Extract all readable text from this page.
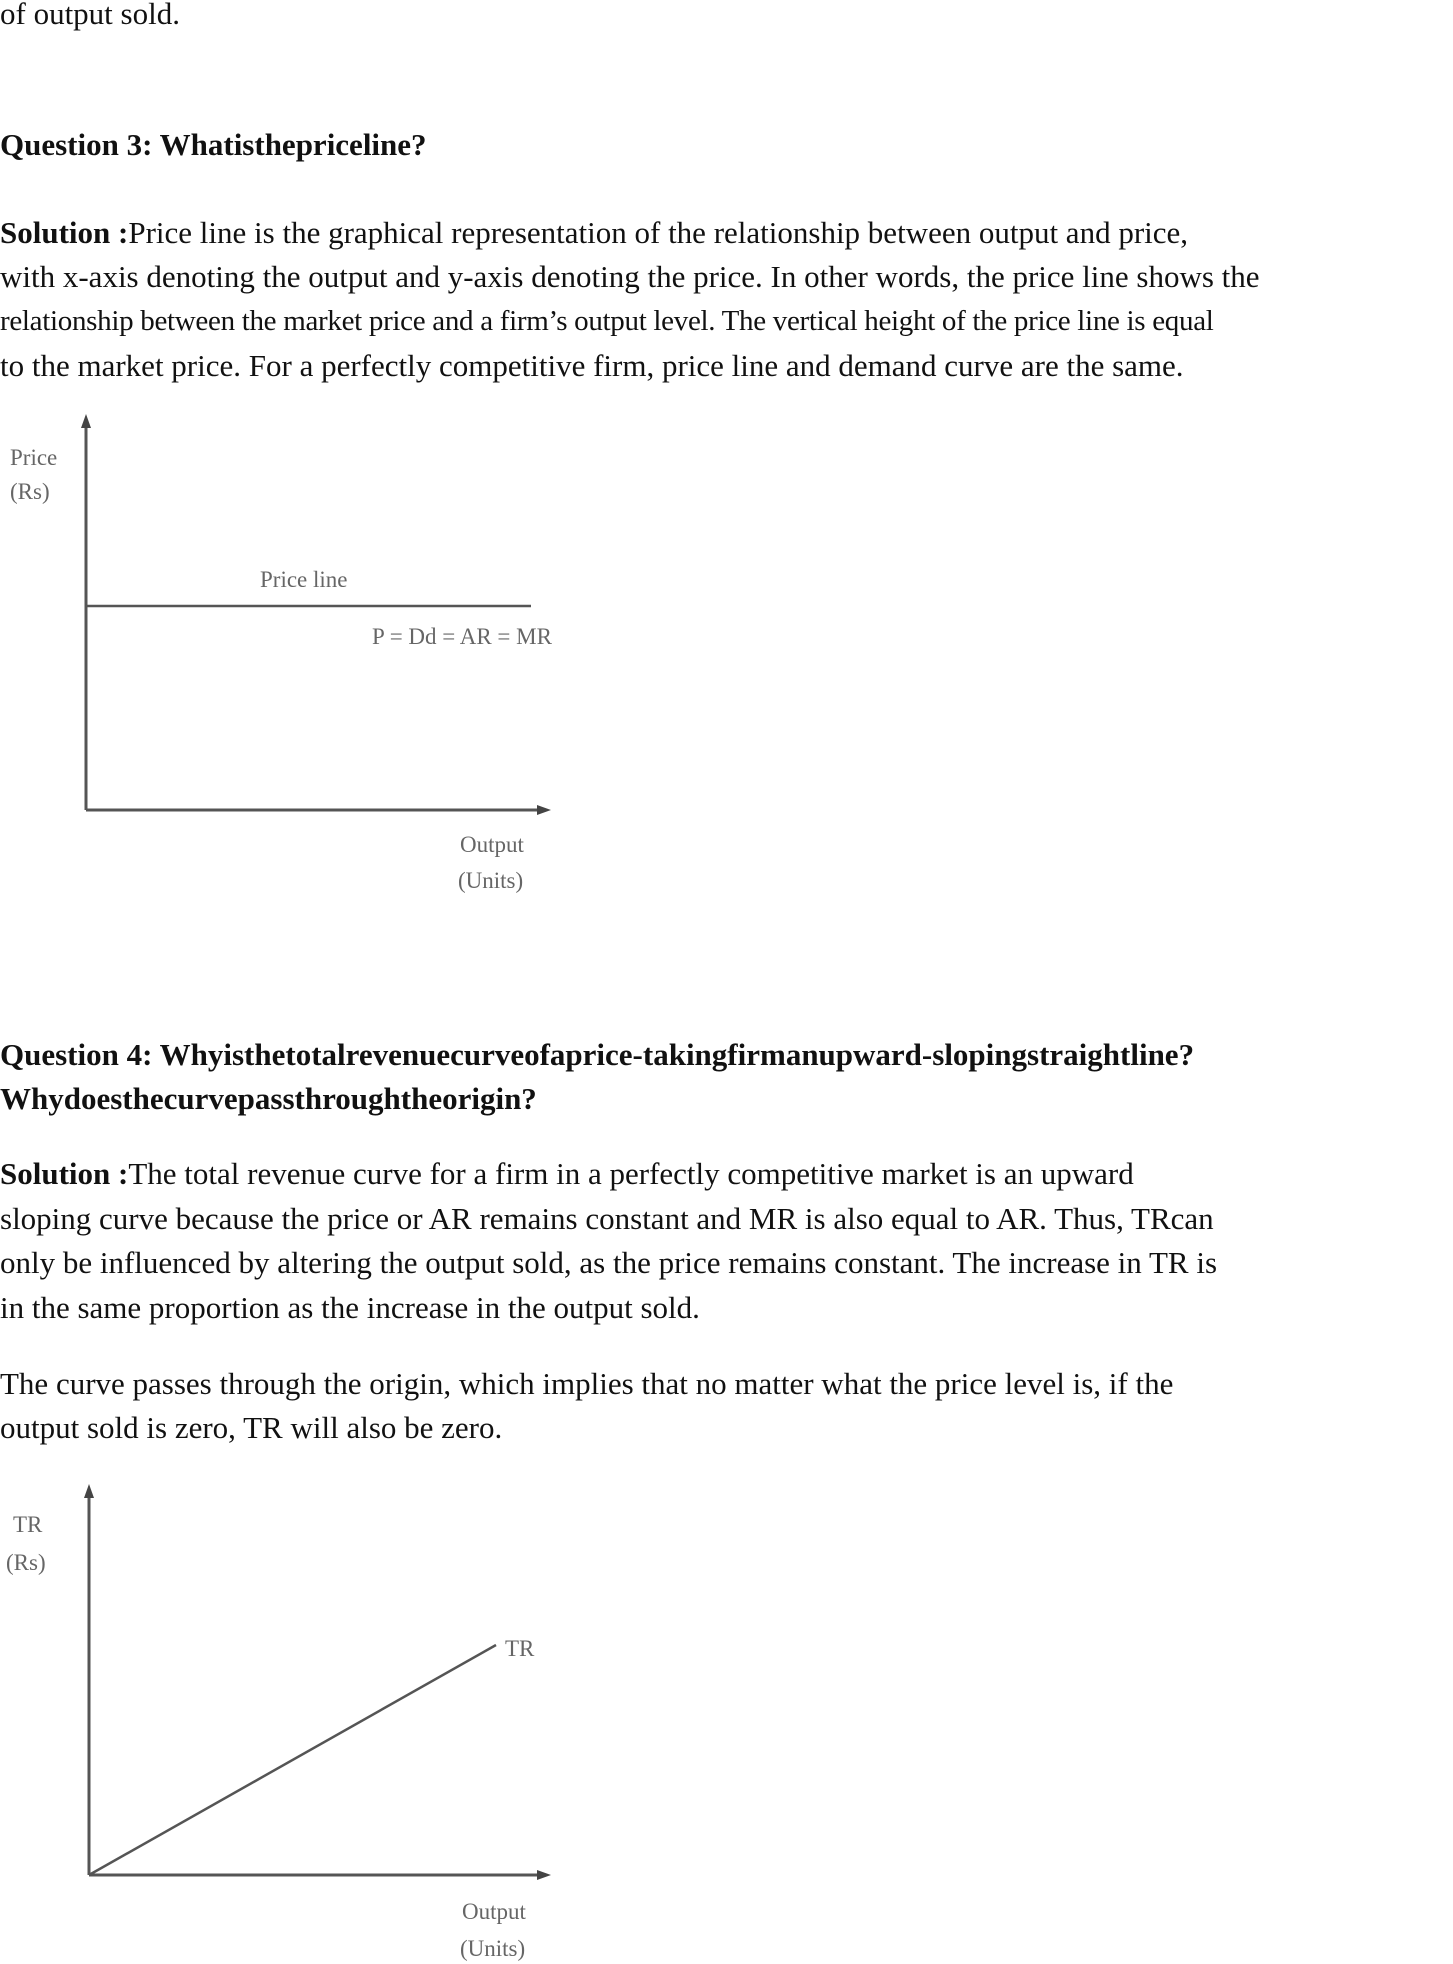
of output sold.
Question 3: Whatisthepriceline?
Solution :Price line is the graphical representation of the relationship between output and price,
with x-axis denoting the output and y-axis denoting the price. In other words, the price line shows the
relationship between the market price and a firm’s output level. The vertical height of the price line is equal
to the market price. For a perfectly competitive firm, price line and demand curve are the same.
Price
(Rs)
Price line
P = Dd = AR = MR
Output
(Units)
Question 4: Whyisthetotalrevenuecurveofaprice-takingfirmanupward-slopingstraightline?
Whydoesthecurvepassthroughtheorigin?
Solution :The total revenue curve for a firm in a perfectly competitive market is an upward
sloping curve because the price or AR remains constant and MR is also equal to AR. Thus, TRcan
only be influenced by altering the output sold, as the price remains constant. The increase in TR is
in the same proportion as the increase in the output sold.
The curve passes through the origin, which implies that no matter what the price level is, if the
output sold is zero, TR will also be zero.
TR
(Rs)
TR
Output
(Units)
